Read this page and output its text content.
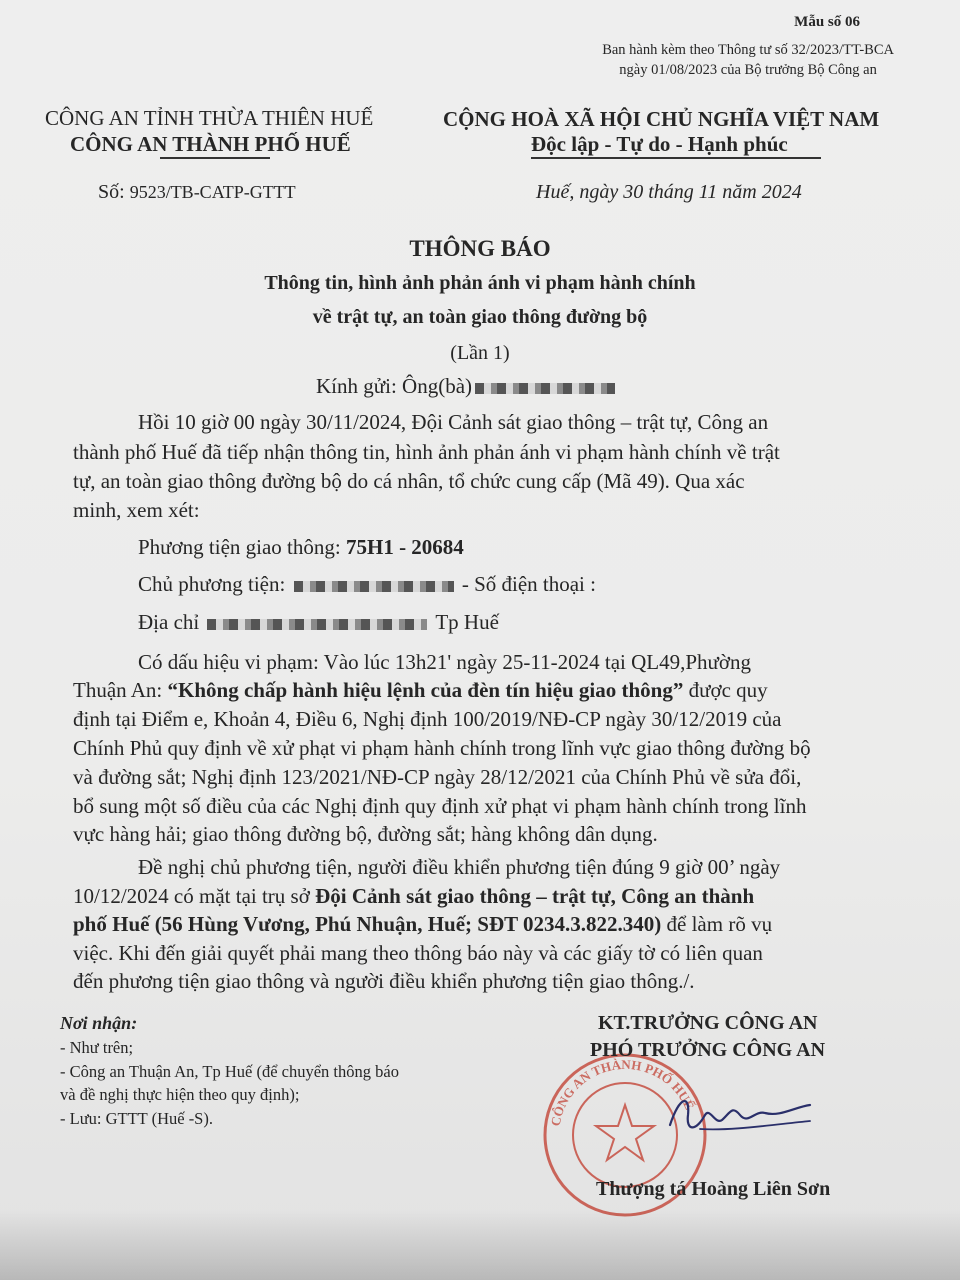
Mẫu số 06
Ban hành kèm theo Thông tư số 32/2023/TT-BCA
ngày 01/08/2023 của Bộ trưởng Bộ Công an
CÔNG AN TỈNH THỪA THIÊN HUẾ
CÔNG AN THÀNH PHỐ HUẾ
Số: 9523/TB-CATP-GTTT
CỘNG HOÀ XÃ HỘI CHỦ NGHĨA VIỆT NAM
Độc lập - Tự do - Hạnh phúc
Huế, ngày 30 tháng 11 năm 2024
THÔNG BÁO
Thông tin, hình ảnh phản ánh vi phạm hành chính
về trật tự, an toàn giao thông đường bộ
(Lần 1)
Kính gửi: Ông(bà)
Hồi 10 giờ 00 ngày 30/11/2024, Đội Cảnh sát giao thông – trật tự, Công an
thành phố Huế đã tiếp nhận thông tin, hình ảnh phản ánh vi phạm hành chính về trật
tự, an toàn giao thông đường bộ do cá nhân, tổ chức cung cấp (Mã 49). Qua xác
minh, xem xét:
Phương tiện giao thông: 75H1 - 20684
Chủ phương tiện:	- Số điện thoại :
Địa chỉ	Tp Huế
Có dấu hiệu vi phạm: Vào lúc 13h21' ngày 25-11-2024 tại QL49,Phường
Thuận An: “Không chấp hành hiệu lệnh của đèn tín hiệu giao thông” được quy
định tại Điểm e, Khoản 4, Điều 6, Nghị định 100/2019/NĐ-CP ngày 30/12/2019 của
Chính Phủ quy định về xử phạt vi phạm hành chính trong lĩnh vực giao thông đường bộ
và đường sắt; Nghị định 123/2021/NĐ-CP ngày 28/12/2021 của Chính Phủ về sửa đổi,
bổ sung một số điều của các Nghị định quy định xử phạt vi phạm hành chính trong lĩnh
vực hàng hải; giao thông đường bộ, đường sắt; hàng không dân dụng.
Đề nghị chủ phương tiện, người điều khiển phương tiện đúng 9 giờ 00’ ngày
10/12/2024 có mặt tại trụ sở Đội Cảnh sát giao thông – trật tự, Công an thành
phố Huế (56 Hùng Vương, Phú Nhuận, Huế; SĐT 0234.3.822.340) để làm rõ vụ
việc. Khi đến giải quyết phải mang theo thông báo này và các giấy tờ có liên quan
đến phương tiện giao thông và người điều khiển phương tiện giao thông./.
Nơi nhận:
- Như trên;
- Công an Thuận An, Tp Huế (để chuyển thông báo
và đề nghị thực hiện theo quy định);
- Lưu: GTTT (Huế -S).	CÔNG AN THÀNH PHỐ HUẾ
KT.TRƯỞNG CÔNG AN
PHÓ TRƯỞNG CÔNG AN
Thượng tá Hoàng Liên Sơn
